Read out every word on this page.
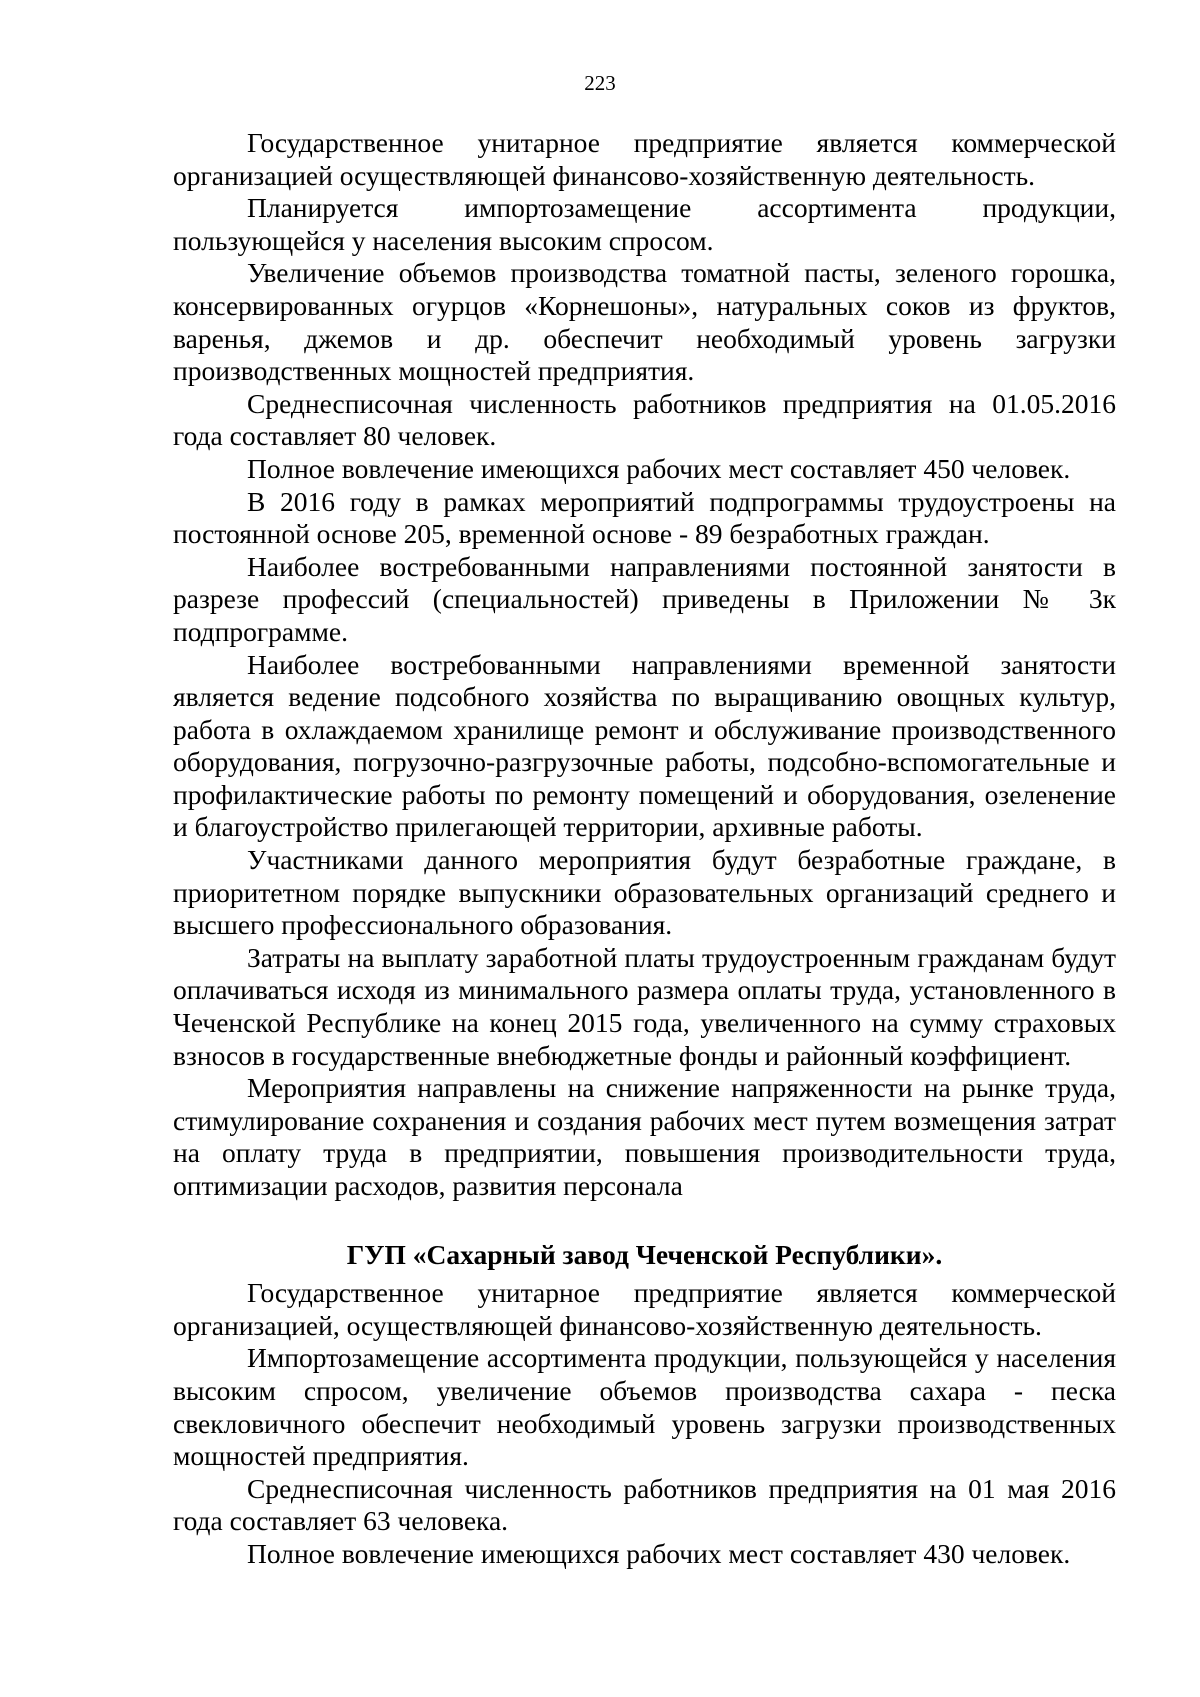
223

Государственное унитарное предприятие является коммерческой организацией осуществляющей финансово-хозяйственную деятельность.

Планируется импортозамещение ассортимента продукции, пользующейся у населения высоким спросом.

Увеличение объемов производства томатной пасты, зеленого горошка, консервированных огурцов «Корнешоны», натуральных соков из фруктов, варенья, джемов и др. обеспечит необходимый уровень загрузки производственных мощностей предприятия.

Среднесписочная численность работников предприятия на 01.05.2016 года составляет 80 человек.

Полное вовлечение имеющихся рабочих мест составляет 450 человек.

В 2016 году в рамках мероприятий подпрограммы трудоустроены на постоянной основе 205, временной основе - 89 безработных граждан.

Наиболее востребованными направлениями постоянной занятости в разрезе профессий (специальностей) приведены в Приложении № 3к подпрограмме.

Наиболее востребованными направлениями временной занятости является ведение подсобного хозяйства по выращиванию овощных культур, работа в охлаждаемом хранилище ремонт и обслуживание производственного оборудования, погрузочно-разгрузочные работы, подсобно-вспомогательные и профилактические работы по ремонту помещений и оборудования, озеленение и благоустройство прилегающей территории, архивные работы.

Участниками данного мероприятия будут безработные граждане, в приоритетном порядке выпускники образовательных организаций среднего и высшего профессионального образования.

Затраты на выплату заработной платы трудоустроенным гражданам будут оплачиваться исходя из минимального размера оплаты труда, установленного в Чеченской Республике на конец 2015 года, увеличенного на сумму страховых взносов в государственные внебюджетные фонды и районный коэффициент.

Мероприятия направлены на снижение напряженности на рынке труда, стимулирование сохранения и создания рабочих мест путем возмещения затрат на оплату труда в предприятии, повышения производительности труда, оптимизации расходов, развития персонала

ГУП «Сахарный завод Чеченской Республики».

Государственное унитарное предприятие является коммерческой организацией, осуществляющей финансово-хозяйственную деятельность.

Импортозамещение ассортимента продукции, пользующейся у населения высоким спросом, увеличение объемов производства сахара - песка свекловичного обеспечит необходимый уровень загрузки производственных мощностей предприятия.

Среднесписочная численность работников предприятия на 01 мая 2016 года составляет 63 человека.

Полное вовлечение имеющихся рабочих мест составляет 430 человек.
